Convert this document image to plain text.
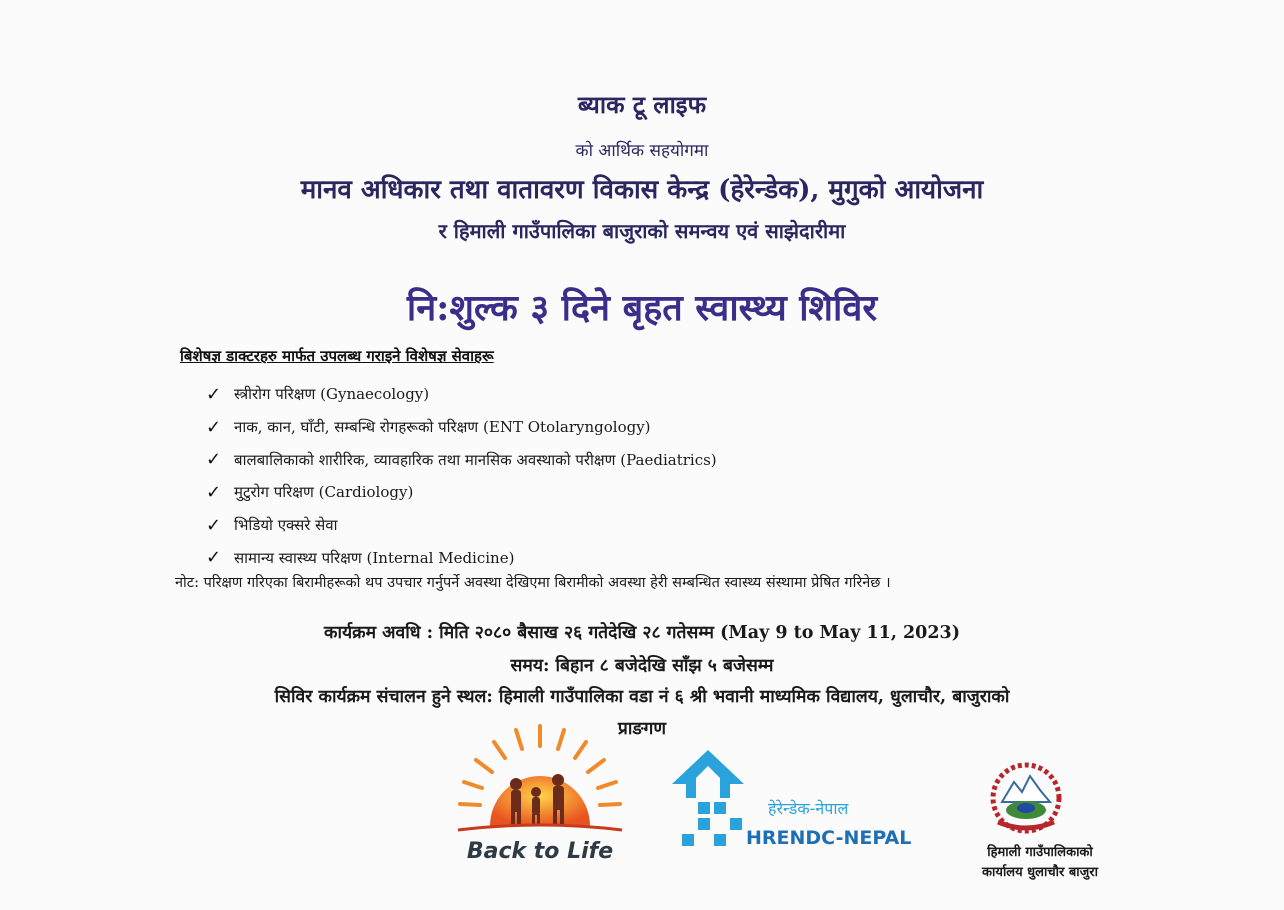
ब्याक टू लाइफ
को आर्थिक सहयोगमा
मानव अधिकार तथा वातावरण विकास केन्द्र (हेरेन्डेक), मुगुको आयोजना
र हिमाली गाउँपालिका बाजुराको समन्वय एवं साझेदारीमा
नि:शुल्क ३ दिने बृहत स्वास्थ्य शिविर
बिशेषज्ञ डाक्टरहरु मार्फत उपलब्ध गराइने विशेषज्ञ सेवाहरू
✓ स्त्रीरोग परिक्षण (Gynaecology)
✓ नाक, कान, घाँटी, सम्बन्धि रोगहरूको परिक्षण (ENT Otolaryngology)
✓ बालबालिकाको शारीरिक, व्यावहारिक तथा मानसिक अवस्थाको परीक्षण (Paediatrics)
✓ मुटुरोग परिक्षण (Cardiology)
✓ भिडियो एक्सरे सेवा
✓ सामान्य स्वास्थ्य परिक्षण (Internal Medicine)
नोट: परिक्षण गरिएका बिरामीहरूको थप उपचार गर्नुपर्ने अवस्था देखिएमा बिरामीको अवस्था हेरी सम्बन्धित स्वास्थ्य संस्थामा प्रेषित गरिनेछ ।
कार्यक्रम अवधि : मिति २०८० बैसाख २६ गतेदेखि २८ गतेसम्म (May 9 to May 11, 2023)
समय: बिहान ८ बजेदेखि साँझ ५ बजेसम्म
सिविर कार्यक्रम संचालन हुने स्थल: हिमाली गाउँपालिका वडा नं ६ श्री भवानी माध्यमिक विद्यालय, धुलाचौर, बाजुराको
प्राङगण
Back to Life
हेरेन्डेक-नेपाल
HRENDC-NEPAL
हिमाली गाउँपालिकाको
कार्यालय धुलाचौर बाजुरा
